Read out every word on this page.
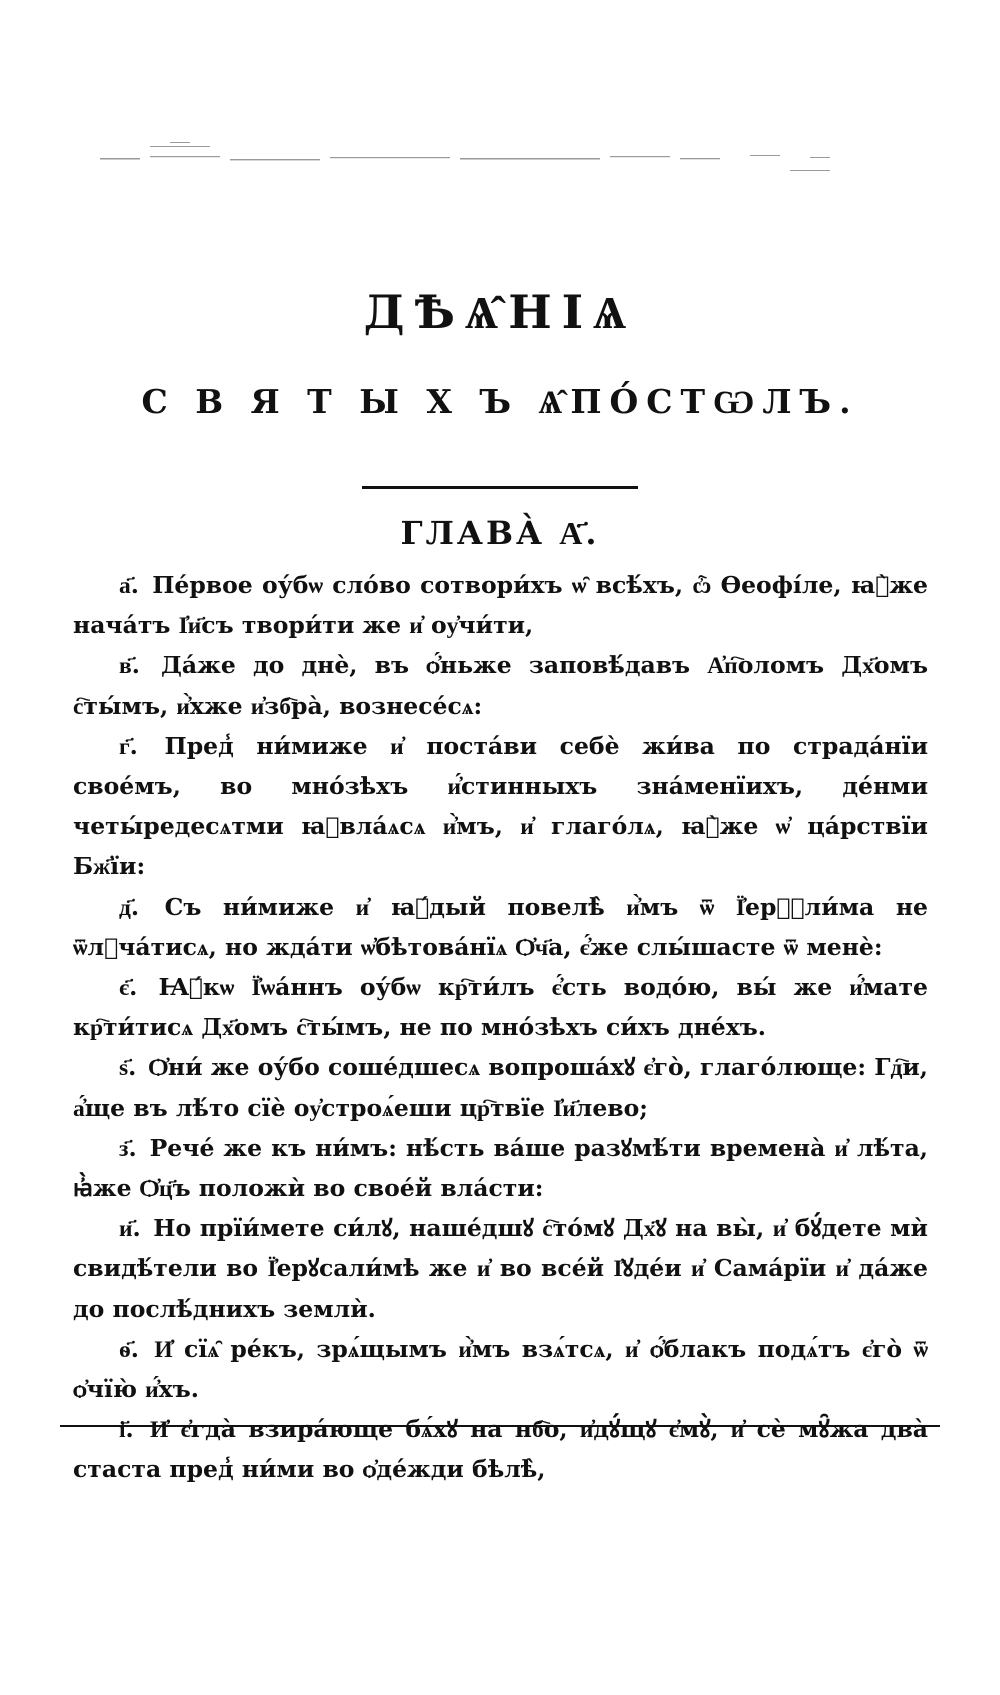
ДѢѦ̂НІѦ
С В Я Т Ы Х Ъ Ѧ̂ПО́СТѠЛЪ.
ГЛАВА̀ А҃.

а҃. Пе́рвое оу́бѡ сло́во сотвори́хъ ѡ̑ всѣ́хъ, ѽ Ѳеофі́ле, ꙗ҆̀же нача́тъ І҆и҃съ твори́ти же и҆ оу҆чи́ти,

в҃. Да́же до днѐ, въ ѻ҆́ньже заповѣ́давъ А҆п҇оломъ Дх҃омъ с҇ты́мъ, и҆̀хже и҆зб҇ра̀, вознесе́сѧ:

г҃. Пред̾ ни́миже и҆ поста́ви себѐ жи́ва по страда́нїи свое́мъ, во мно́зѣхъ и҆́стинныхъ зна́менїихъ, де́нми четы́редесѧтми ꙗ҆вла́ѧсѧ и҆̀мъ, и҆ глаго́лѧ, ꙗ҆̀же ѡ҆ ца́рствїи Бж҃їи:

д҃. Съ ни́миже и҆ ꙗ҆́дый повелѣ̀ и҆̀мъ ѿ Ї҆ерⷭ҇ли́ма не ѿлꙋча́тисѧ, но жда́ти ѡ҆бѣтова́нїѧ Ѻ҆ч҃а, є҆́же слы́шасте ѿ менѐ:

є҃. Ꙗ҆́кѡ Ї҆ѡа́ннъ оу́бѡ кр҇ти́лъ є҆́сть водо́ю, вы́ же и҆́мате кр҇ти́тисѧ Дх҃омъ с҇ты́мъ, не по мно́зѣхъ си́хъ дне́хъ.

ѕ҃. Ѻ҆ни́ же оу́бо сoше́дшесѧ вопроша́хꙋ є҆го̀, глаго́люще: Гд҇и, а҆́ще въ лѣ́то сїѐ оу҆строѧ́еши цр҇твїе І҆и҃левo;

з҃. Рече́ же къ ни́мъ: нѣ́сть ва́ше разꙋмѣ́ти времена̀ и҆ лѣ́та, ꙗ҆̀же Ѻ҆ц҃ъ положѝ во свое́й вла́сти:

и҃. Но прїи́мете си́лꙋ, наше́дшꙋ с҇то́мꙋ Дх҃ꙋ на вы̀, и҆ бꙋ́дете мѝ свидѣ́тели во Ї҆ерꙋсали́мѣ же и҆ во все́й І҆ꙋде́и и҆ Сама́рїи и҆ да́же до послѣ́днихъ землѝ.

ѳ҃. И҆ сїѧ̑ ре́къ, зрѧ́щымъ и҆̀мъ взѧ́тсѧ, и҆ ѻ҆́блакъ подѧ́тъ є҆го̀ ѿ ѻ҆чїю̀ и҆́хъ.

і҃. И҆ є҆гда̀ взира́юще бѧ́хꙋ на нб҇о, и҆дꙋ́щꙋ є҆мꙋ̀, и҆ сѐ мꙋ̑жа два̀ стаста пред̾ ни́ми во ѻ҆де́жди бѣлѣ̀,
